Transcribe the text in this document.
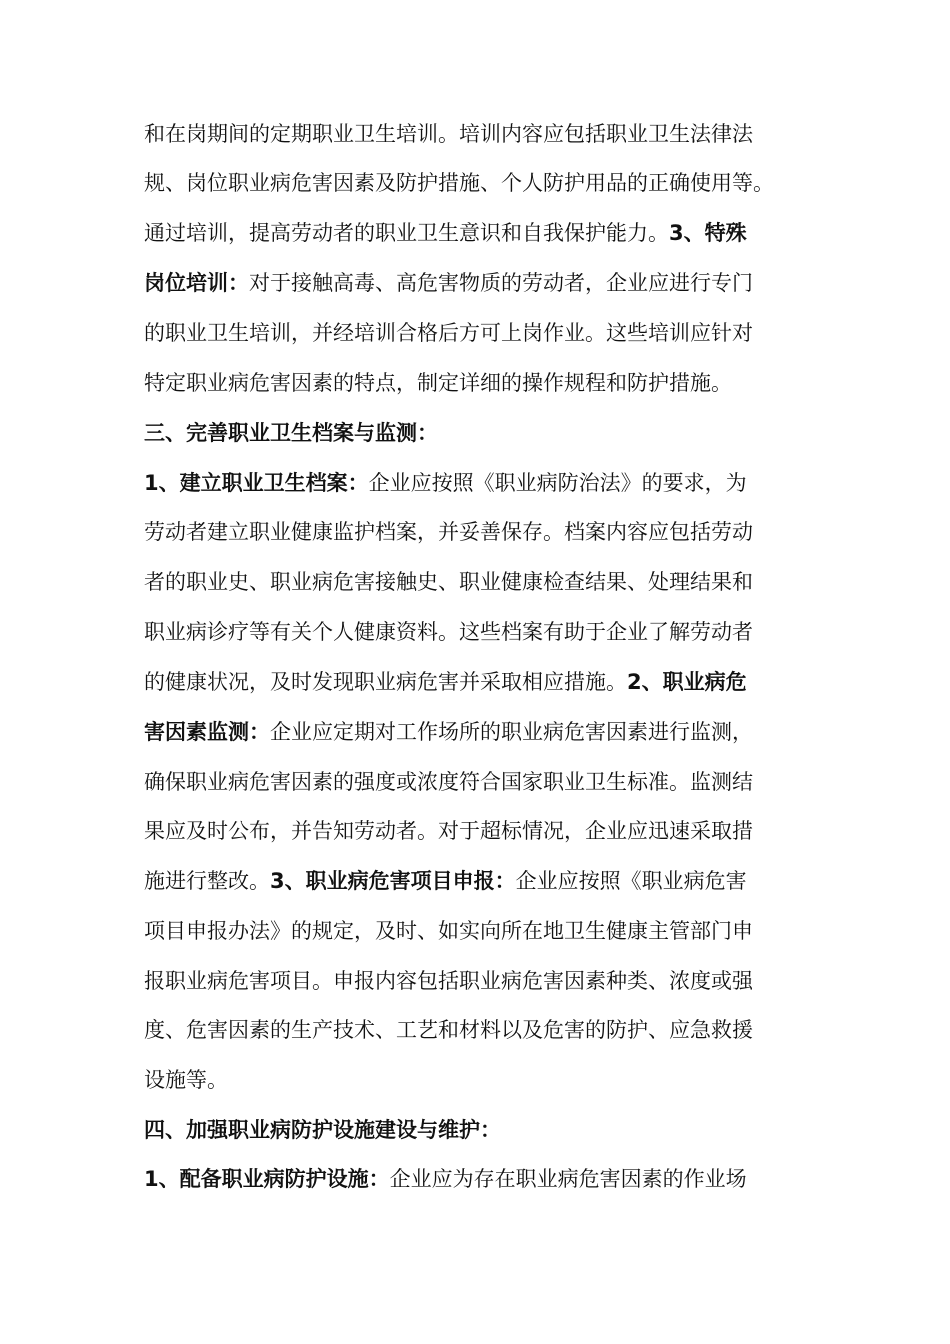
和在岗期间的定期职业卫生培训。培训内容应包括职业卫生法律法
规、岗位职业病危害因素及防护措施、个人防护用品的正确使用等。
通过培训，提高劳动者的职业卫生意识和自我保护能力。3、特殊
岗位培训：对于接触高毒、高危害物质的劳动者，企业应进行专门
的职业卫生培训，并经培训合格后方可上岗作业。这些培训应针对
特定职业病危害因素的特点，制定详细的操作规程和防护措施。
三、完善职业卫生档案与监测：
1、建立职业卫生档案：企业应按照《职业病防治法》的要求，为
劳动者建立职业健康监护档案，并妥善保存。档案内容应包括劳动
者的职业史、职业病危害接触史、职业健康检查结果、处理结果和
职业病诊疗等有关个人健康资料。这些档案有助于企业了解劳动者
的健康状况，及时发现职业病危害并采取相应措施。2、职业病危
害因素监测：企业应定期对工作场所的职业病危害因素进行监测，
确保职业病危害因素的强度或浓度符合国家职业卫生标准。监测结
果应及时公布，并告知劳动者。对于超标情况，企业应迅速采取措
施进行整改。3、职业病危害项目申报：企业应按照《职业病危害
项目申报办法》的规定，及时、如实向所在地卫生健康主管部门申
报职业病危害项目。申报内容包括职业病危害因素种类、浓度或强
度、危害因素的生产技术、工艺和材料以及危害的防护、应急救援
设施等。
四、加强职业病防护设施建设与维护：
1、配备职业病防护设施：企业应为存在职业病危害因素的作业场
